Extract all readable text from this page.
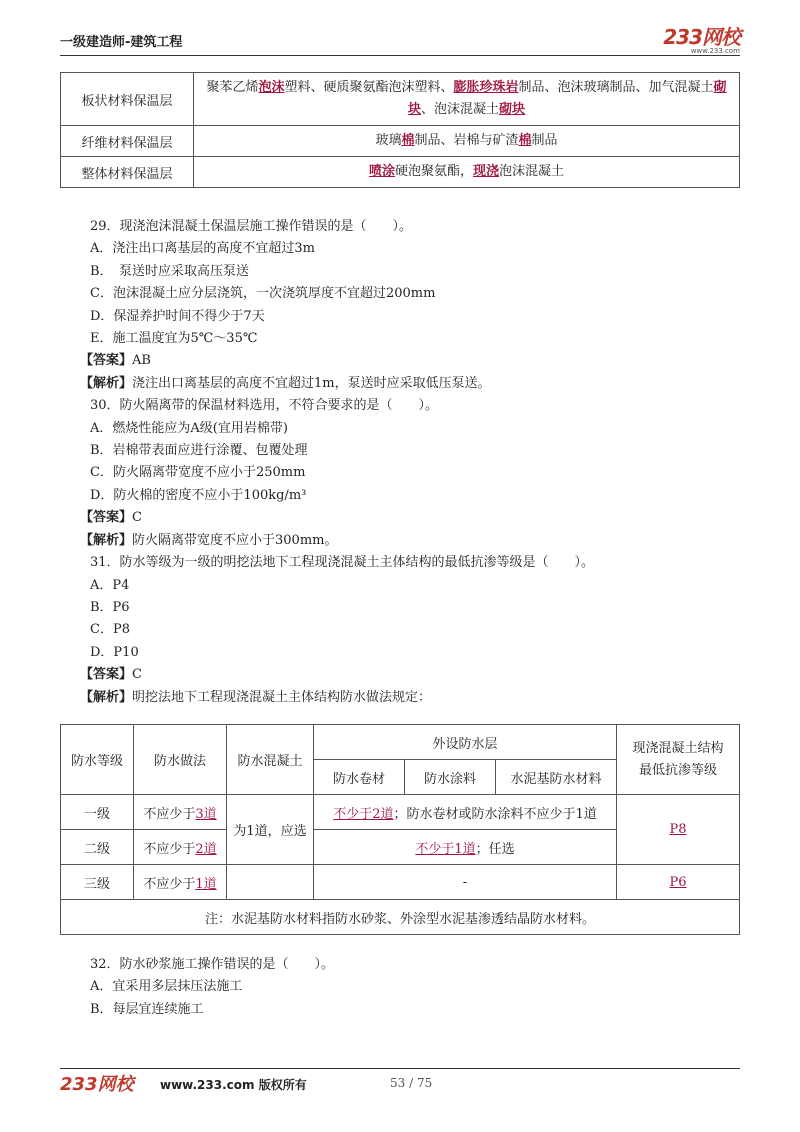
一级建造师-建筑工程	233网校
www.233.com
板状材料保温层	聚苯乙烯泡沫塑料、硬质聚氨酯泡沫塑料、膨胀珍珠岩制品、泡沫玻璃制品、加气混凝土砌块、泡沫混凝土砌块
纤维材料保温层	玻璃棉制品、岩棉与矿渣棉制品
整体材料保温层	喷涂硬泡聚氨酯，现浇泡沫混凝土

29．现浇泡沫混凝土保温层施工操作错误的是（　　）。

A．浇注出口离基层的高度不宜超过3m

B．　泵送时应采取高压泵送

C．泡沫混凝土应分层浇筑，一次浇筑厚度不宜超过200mm

D．保湿养护时间不得少于7天

E．施工温度宜为5℃～35℃

【答案】AB

【解析】浇注出口离基层的高度不宜超过1m，泵送时应采取低压泵送。

30．防火隔离带的保温材料选用，不符合要求的是（　　）。

A．燃烧性能应为A级(宜用岩棉带)

B．岩棉带表面应进行涂覆、包覆处理

C．防火隔离带宽度不应小于250mm

D．防火棉的密度不应小于100kg/m³

【答案】C

【解析】防火隔离带宽度不应小于300mm。

31．防水等级为一级的明挖法地下工程现浇混凝土主体结构的最低抗渗等级是（　　）。

A．P4

B．P6

C．P8

D．P10

【答案】C

【解析】明挖法地下工程现浇混凝土主体结构防水做法规定：

防水等级	防水做法	防水混凝土	外设防水层			现浇混凝土结构
最低抗渗等级
			防水卷材	防水涂料	水泥基防水材料	
一级	不应少于3道	为1道，应选	不少于2道；防水卷材或防水涂料不应少于1道			P8
二级	不应少于2道		不少于1道；任选			
三级	不应少于1道		-			P6
注：水泥基防水材料指防水砂浆、外涂型水泥基渗透结晶防水材料。						

32．防水砂浆施工操作错误的是（　　）。

A．宜采用多层抹压法施工

B．每层宜连续施工

233网校 www.233.com 版权所有	53 / 75
